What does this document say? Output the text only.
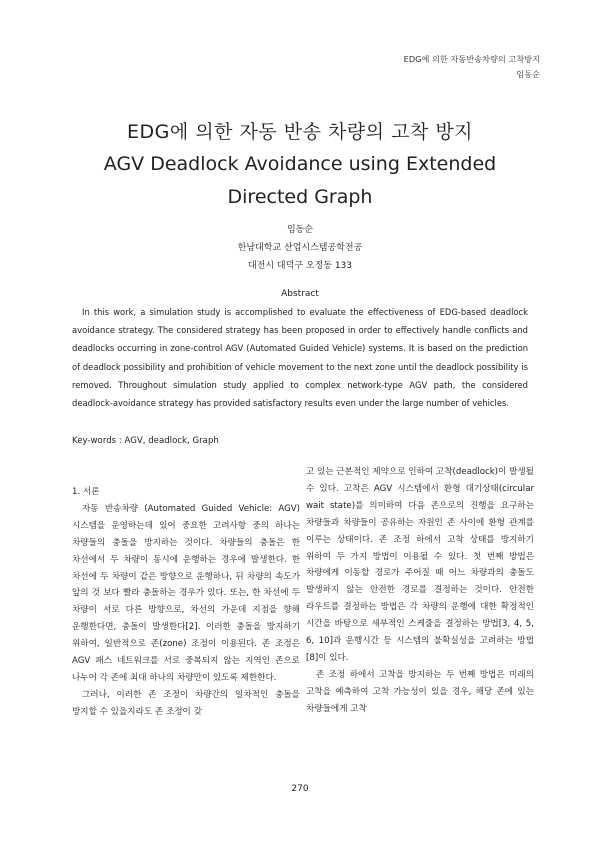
EDG에 의한 자동반송차량의 고착방지
임동순
EDG에 의한 자동 반송 차량의 고착 방지
AGV Deadlock Avoidance using Extended
Directed Graph
임동순
한남대학교 산업시스템공학전공
대전시 대덕구 오정동 133
Abstract
In this work, a simulation study is accomplished to evaluate the effectiveness of EDG-based deadlock avoidance strategy. The considered strategy has been proposed in order to effectively handle conflicts and deadlocks occurring in zone-control AGV (Automated Guided Vehicle) systems. It is based on the prediction of deadlock possibility and prohibition of vehicle movement to the next zone until the deadlock possibility is removed. Throughout simulation study applied to complex network-type AGV path, the considered deadlock-avoidance strategy has provided satisfactory results even under the large number of vehicles.
Key-words : AGV, deadlock, Graph

1. 서론

자동 반송차량 (Automated Guided Vehicle: AGV) 시스템을 운영하는데 있어 중요한 고려사항 중의 하나는 차량들의 충돌을 방지하는 것이다. 차량들의 충돌은 한 차선에서 두 차량이 동시에 운행하는 경우에 발생한다. 한 차선에 두 차량이 같은 방향으로 운행하나, 뒤 차량의 속도가 앞의 것 보다 빨라 충돌하는 경우가 있다. 또는, 한 차선에 두 차량이 서로 다른 방향으로, 차선의 가운데 지점을 향해 운행한다면, 충돌이 발생한다[2]. 이러한 충돌을 방지하기 위하여, 일반적으로 존(zone) 조정이 이용된다. 존 조정은 AGV 패스 네트워크를 서로 중복되지 않는 지역인 존으로 나누어 각 존에 최대 하나의 차량만이 있도록 제한한다.

그러나, 이러한 존 조정이 차량간의 일차적인 충돌을 방지할 수 있을지라도 존 조정이 갖

고 있는 근본적인 제약으로 인하여 고착(deadlock)이 발생될 수 있다. 고착은 AGV 시스템에서 환형 대기상태(circular wait state)를 의미하여 다음 존으로의 진행을 요구하는 차량들과 차량들이 공유하는 자원인 존 사이에 환형 관계를 이루는 상태이다. 존 조정 하에서 고착 상태를 방지하기 위하여 두 가지 방법이 이용될 수 있다. 첫 번째 방법은 차량에게 이동할 경로가 주어질 때 어느 차량과의 충돌도 발생하지 않는 안전한 경로를 결정하는 것이다. 안전한 라우트를 결정하는 방법은 각 차량의 운행에 대한 확정적인 시간을 바탕으로 세부적인 스케줄을 결정하는 방법[3, 4, 5, 6, 10]과 운행시간 등 시스템의 불확실성을 고려하는 방법[8]이 있다.

존 조정 하에서 고착을 방지하는 두 번째 방법은 미래의 고착을 예측하여 고착 가능성이 있을 경우, 해당 존에 있는 차량들에게 고착

270
